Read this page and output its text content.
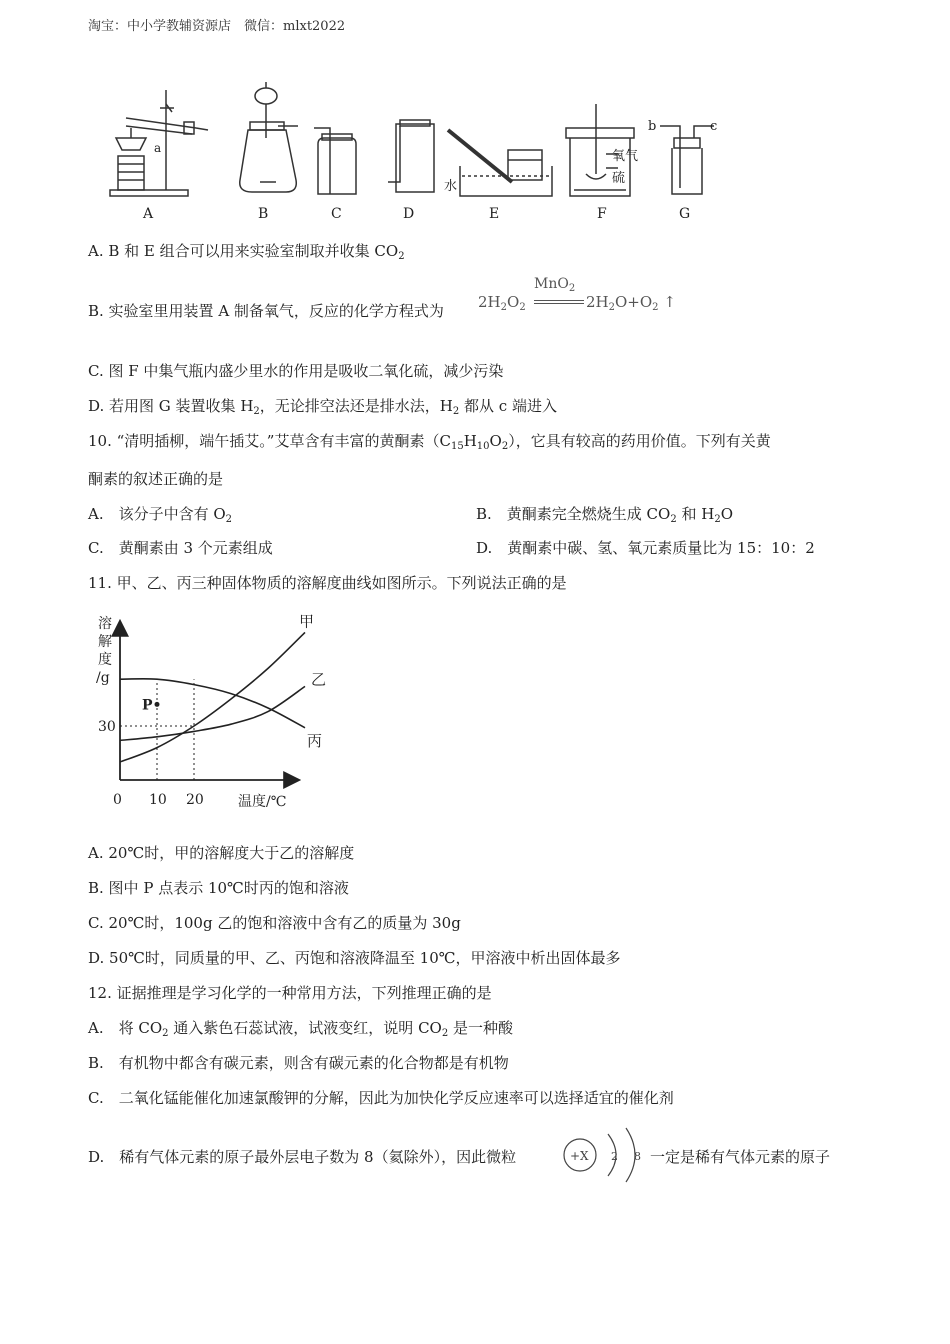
淘宝：中小学教辅资源店　微信：mlxt2022
A	B	C	D	E	F	G
a
水
氧气
硫
b	c
A. B 和 E 组合可以用来实验室制取并收集 $CO_2$
B. 实验室里用装置 A 制备氧气，反应的化学方程式为 $2H_2O_2$
MnO$_2$
$2H_2O+O_2$ ↑
C. 图 F 中集气瓶内盛少里水的作用是吸收二氧化硫，减少污染
D. 若用图 G 装置收集 $H_2$，无论排空法还是排水法，$H_2$ 都从 c 端进入
10. “清明插柳，端午插艾。”艾草含有丰富的黄酮素$(C_{15}H_{10}O_2)$，它具有较高的药用价值。下列有关黄
酮素的叙述正确的是
A.　该分子中含有 $O_2$	B.　黄酮素完全燃烧生成 $CO_2$ 和 $H_2O$
C.　黄酮素由 3 个元素组成	D.　黄酮素中碳、氢、氧元素质量比为 15：10：2
11. 甲、乙、丙三种固体物质的溶解度曲线如图所示。下列说法正确的是
甲
乙
丙
P
30
0 10 20
溶
解
度
/g
温度/℃
A. 20℃时，甲的溶解度大于乙的溶解度
B. 图中 P 点表示 10℃时丙的饱和溶液
C. 20℃时，100g 乙的饱和溶液中含有乙的质量为 30g
D. 50℃时，同质量的甲、乙、丙饱和溶液降温至 10℃，甲溶液中析出固体最多
12. 证据推理是学习化学的一种常用方法，下列推理正确的是
A.　将 $CO_2$ 通入紫色石蕊试液，试液变红，说明 $CO_2$ 是一种酸
B.　有机物中都含有碳元素，则含有碳元素的化合物都是有机物
C.　二氧化锰能催化加速氯酸钾的分解，因此为加快化学反应速率可以选择适宜的催化剂
D.　稀有气体元素的原子最外层电子数为 8（氦除外），因此微粒	+X 2 8 一定是稀有气体元素的原子
